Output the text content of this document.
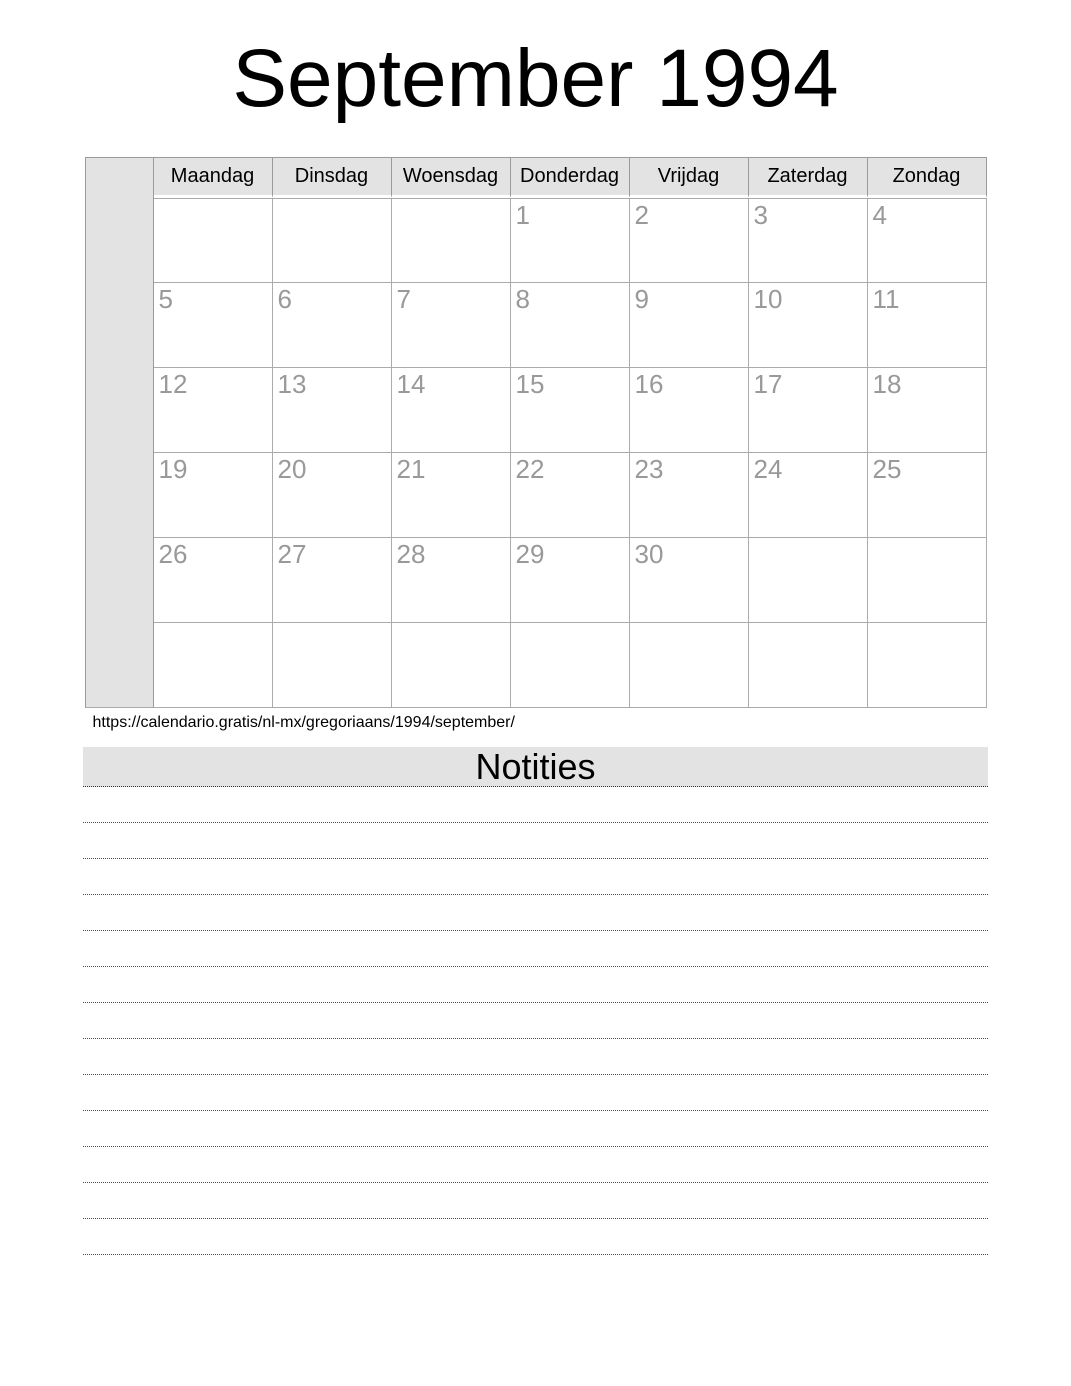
September 1994
	Maandag	Dinsdag	Woensdag	Donderdag	Vrijdag	Zaterdag	Zondag
				1	2	3	4
	5	6	7	8	9	10	11
	12	13	14	15	16	17	18
	19	20	21	22	23	24	25
	26	27	28	29	30		

https://calendario.gratis/nl-mx/gregoriaans/1994/september/
Notities
